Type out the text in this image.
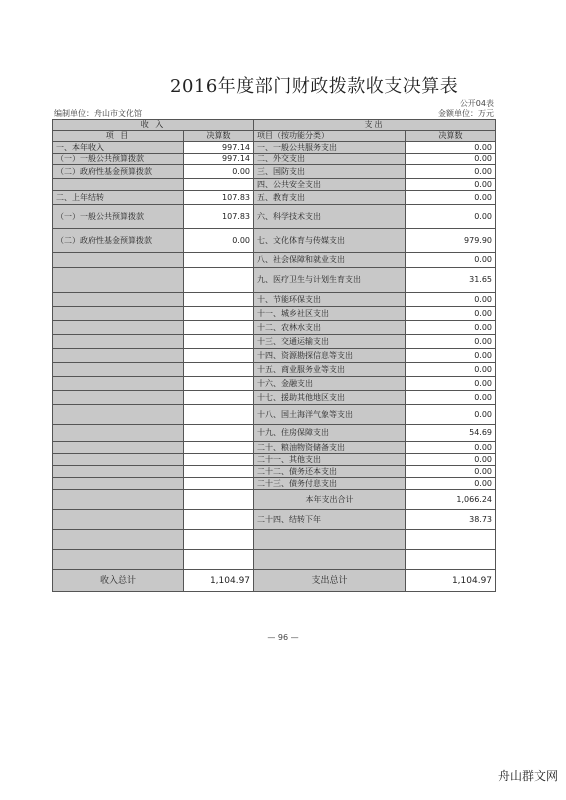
2016年度部门财政拨款收支决算表
公开04表
编制单位：舟山市文化馆	金额单位：万元
收 入		支出	
项 目	决算数	项目（按功能分类）	决算数
一、本年收入	997.14	一、一般公共服务支出	0.00
（一）一般公共预算拨款	997.14	二、外交支出	0.00
（二）政府性基金预算拨款	0.00	三、国防支出	0.00
		四、公共安全支出	0.00
二、上年结转	107.83	五、教育支出	0.00
（一）一般公共预算拨款	107.83	六、科学技术支出	0.00
（二）政府性基金预算拨款	0.00	七、文化体育与传媒支出	979.90
		八、社会保障和就业支出	0.00
		九、医疗卫生与计划生育支出	31.65
		十、节能环保支出	0.00
		十一、城乡社区支出	0.00
		十二、农林水支出	0.00
		十三、交通运输支出	0.00
		十四、资源勘探信息等支出	0.00
		十五、商业服务业等支出	0.00
		十六、金融支出	0.00
		十七、援助其他地区支出	0.00
		十八、国土海洋气象等支出	0.00
		十九、住房保障支出	54.69
		二十、粮油物资储备支出	0.00
		二十一、其他支出	0.00
		二十二、债务还本支出	0.00
		二十三、债务付息支出	0.00
		本年支出合计	1,066.24
		二十四、结转下年	38.73

收入总计	1,104.97	支出总计	1,104.97
— 96 —
舟山群文网
